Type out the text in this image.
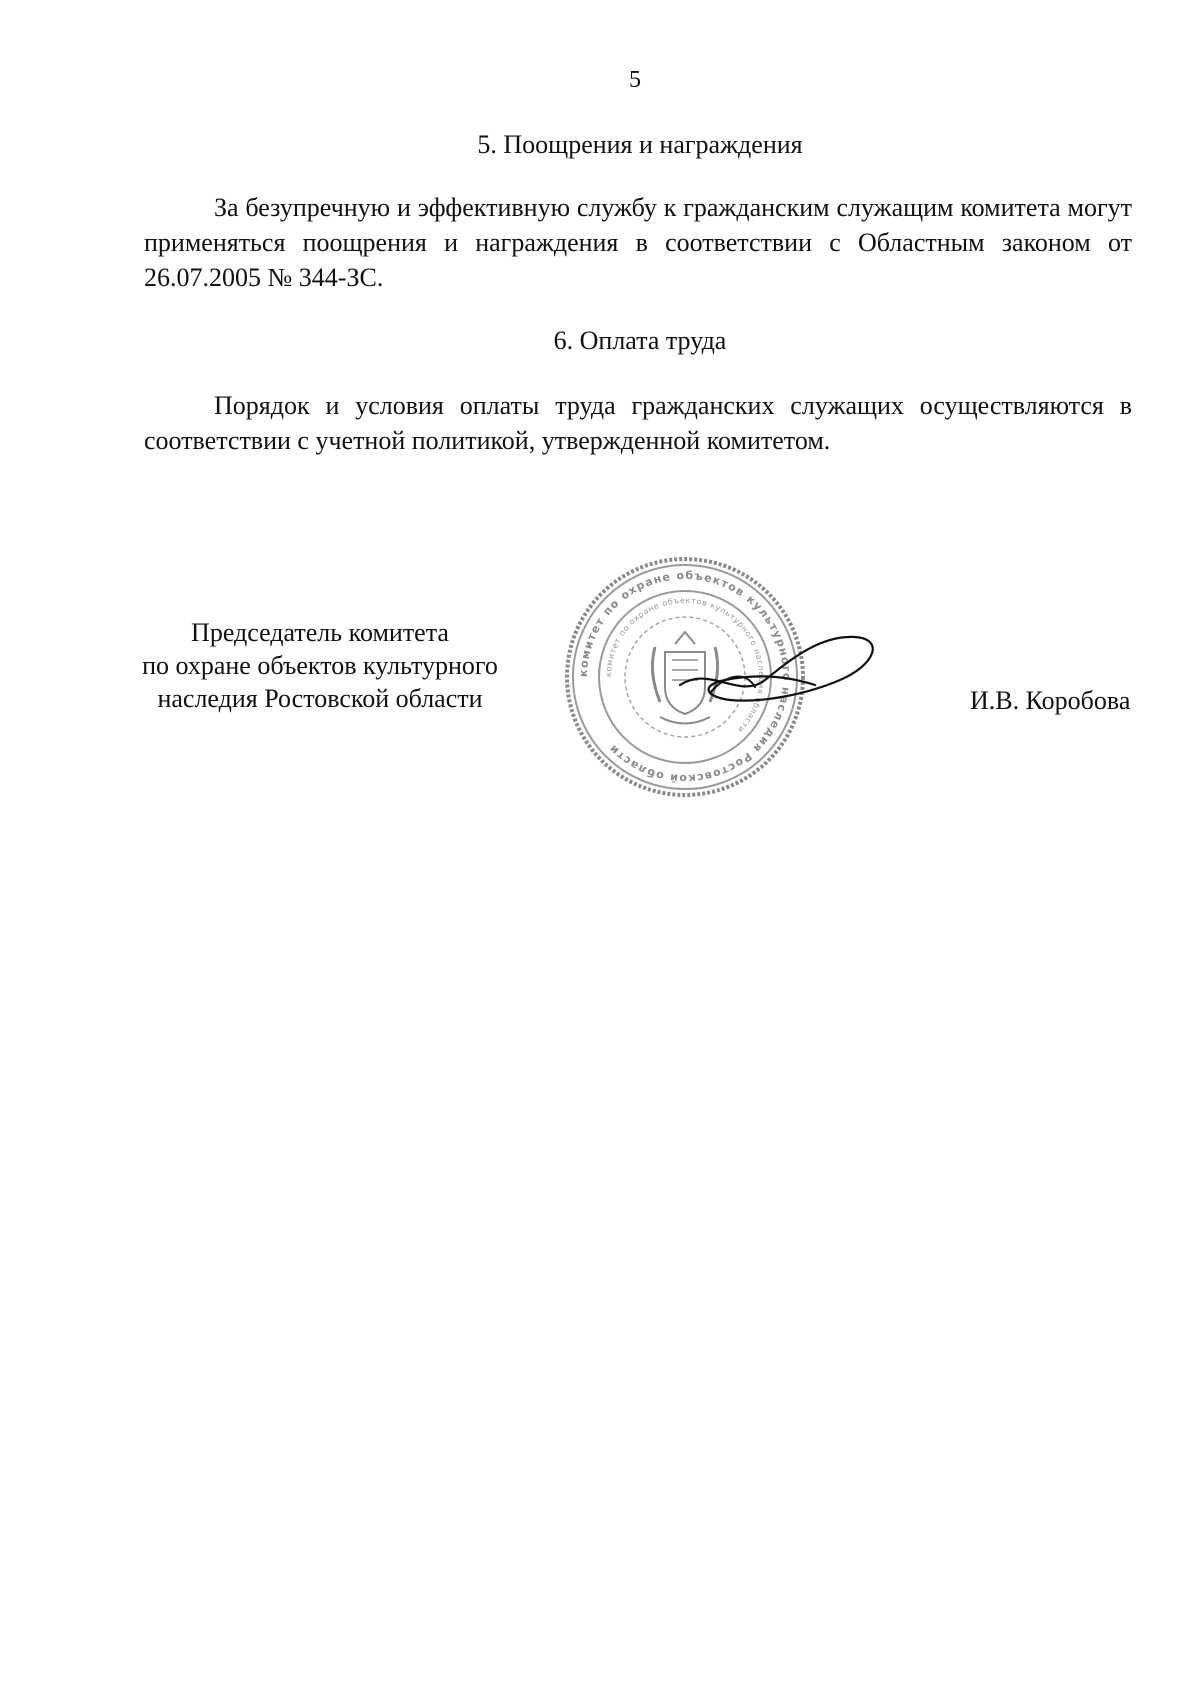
5
5. Поощрения и награждения

За безупречную и эффективную службу к гражданским служащим комитета могут применяться поощрения и награждения в соответствии с Областным законом от 26.07.2005 № 344-ЗС.

6. Оплата труда

Порядок и условия оплаты труда гражданских служащих осуществляются в соответствии с учетной политикой, утвержденной комитетом.

Председатель комитета
по охране объектов культурного
наследия Ростовской области
комитет по охране объектов культурного наследия Ростовской области
комитет по охране объектов культурного наследия области
И.В. Коробова
